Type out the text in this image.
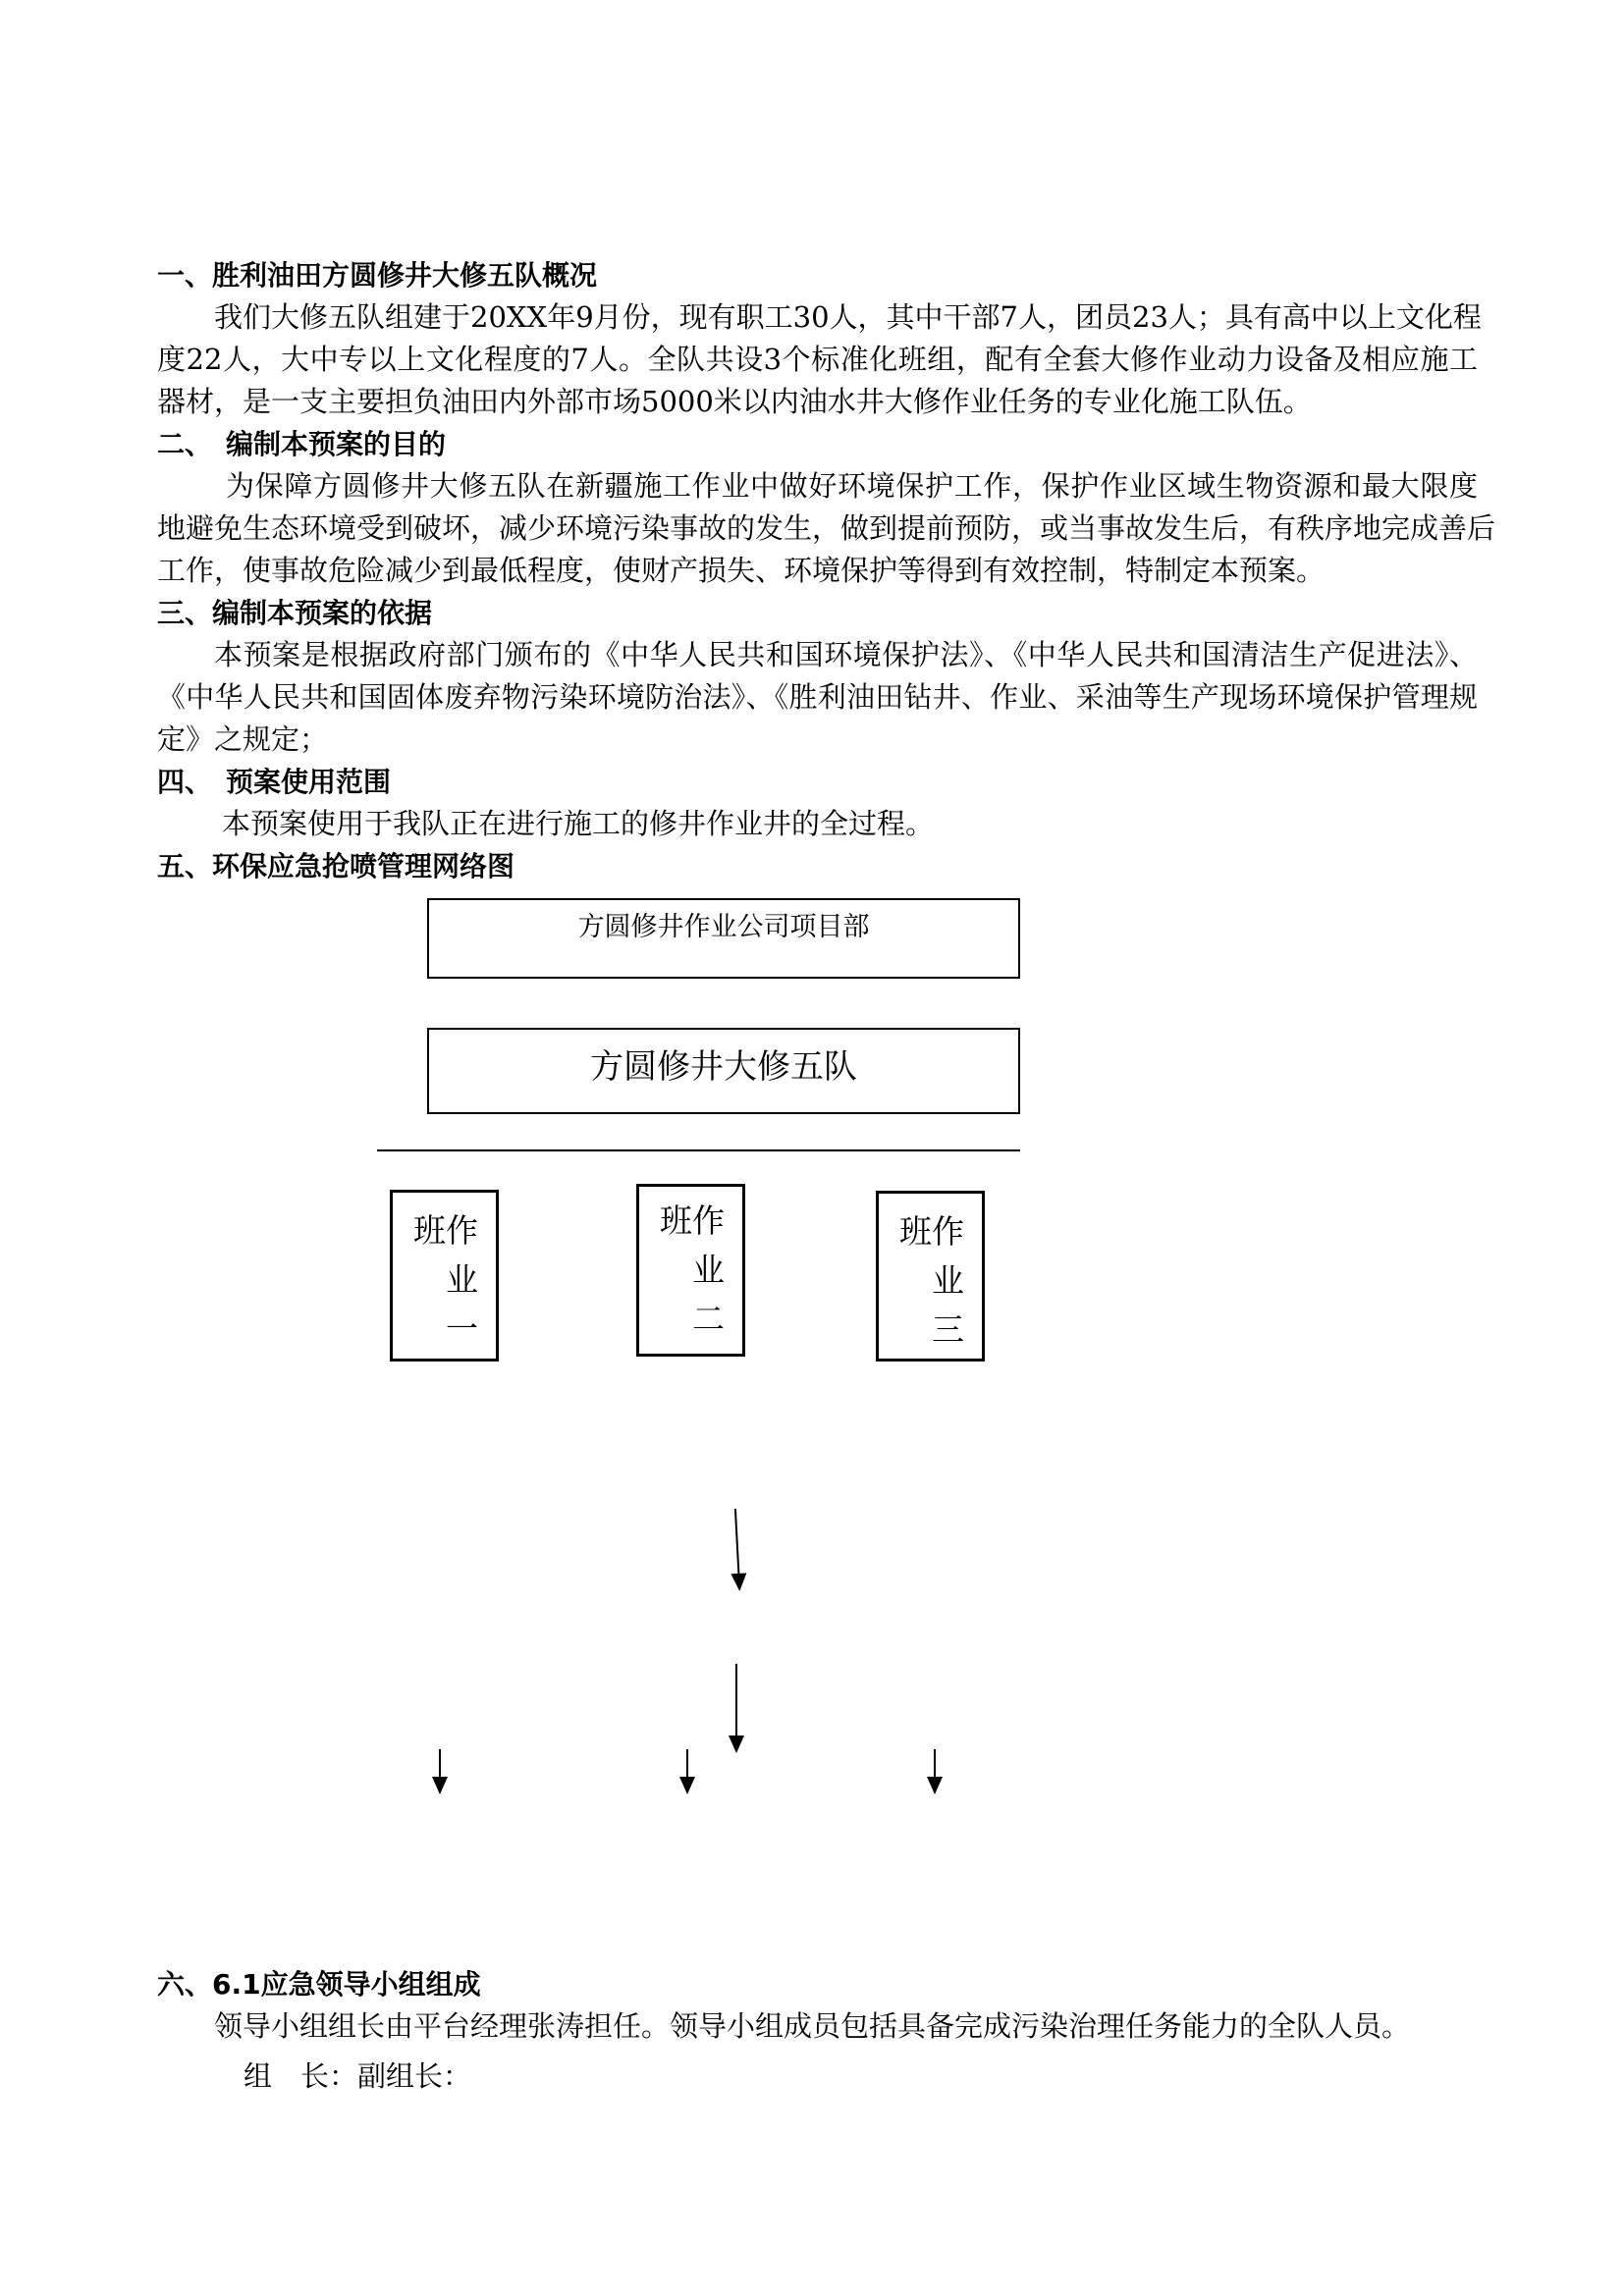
一、胜利油田方圆修井大修五队概况
我们大修五队组建于20XX年9月份，现有职工30人，其中干部7人，团员23人；具有高中以上文化程
度22人，大中专以上文化程度的7人。全队共设3个标准化班组，配有全套大修作业动力设备及相应施工
器材，是一支主要担负油田内外部市场5000米以内油水井大修作业任务的专业化施工队伍。
二、　编制本预案的目的
为保障方圆修井大修五队在新疆施工作业中做好环境保护工作，保护作业区域生物资源和最大限度
地避免生态环境受到破坏，减少环境污染事故的发生，做到提前预防，或当事故发生后，有秩序地完成善后
工作，使事故危险减少到最低程度，使财产损失、环境保护等得到有效控制，特制定本预案。
三、编制本预案的依据
本预案是根据政府部门颁布的《中华人民共和国环境保护法》、《中华人民共和国清洁生产促进法》、
《中华人民共和国固体废弃物污染环境防治法》、《胜利油田钻井、作业、采油等生产现场环境保护管理规
定》之规定；
四、　预案使用范围
本预案使用于我队正在进行施工的修井作业井的全过程。
五、环保应急抢喷管理网络图
方圆修井作业公司项目部
方圆修井大修五队
班作
业
一
班作
业
二
班作
业
三
六、6.1应急领导小组组成
领导小组组长由平台经理张涛担任。领导小组成员包括具备完成污染治理任务能力的全队人员。
组　长：副组长：
